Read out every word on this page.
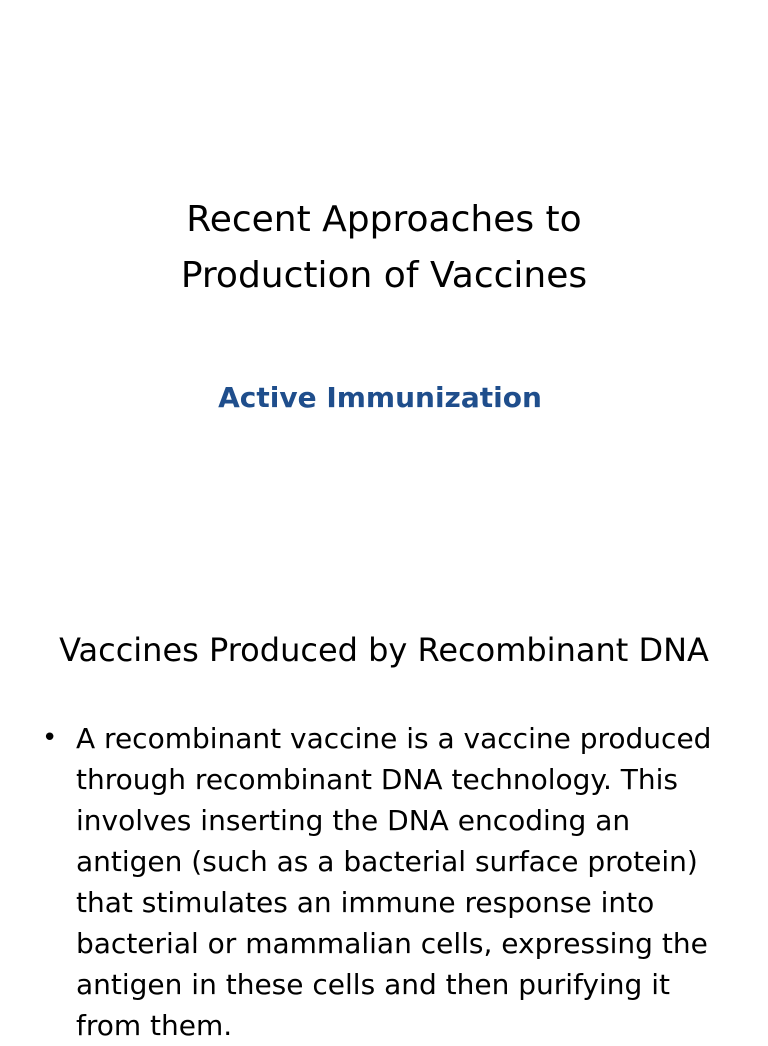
Recent Approaches to
Production of Vaccines
Active Immunization
Vaccines Produced by Recombinant DNA
• A recombinant vaccine is a vaccine produced through recombinant DNA technology. This involves inserting the DNA encoding an antigen (such as a bacterial surface protein) that stimulates an immune response into bacterial or mammalian cells, expressing the antigen in these cells and then purifying it from them.
